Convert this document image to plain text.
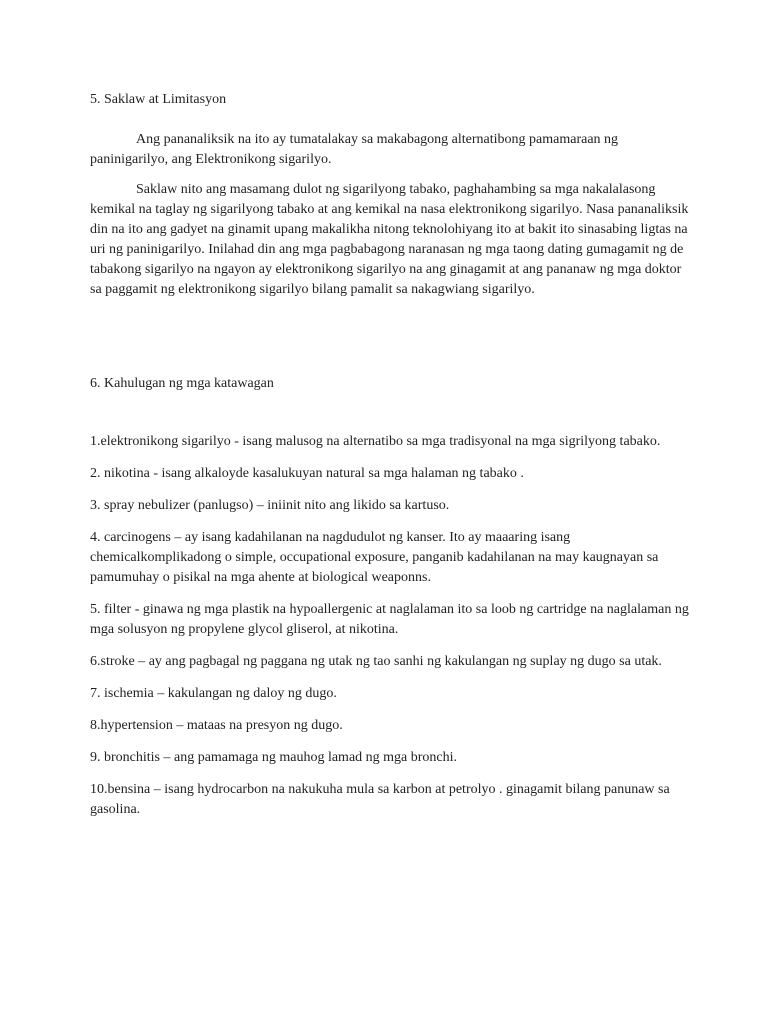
5. Saklaw at Limitasyon

Ang pananaliksik na ito ay tumatalakay sa makabagong alternatibong pamamaraan ng paninigarilyo, ang Elektronikong sigarilyo.

Saklaw nito ang masamang dulot ng sigarilyong tabako, paghahambing sa mga nakalalasong kemikal na taglay ng sigarilyong tabako at ang kemikal na nasa elektronikong sigarilyo. Nasa pananaliksik din na ito ang gadyet na ginamit upang makalikha nitong teknolohiyang ito at bakit ito sinasabing ligtas na uri ng paninigarilyo. Inilahad din ang mga pagbabagong naranasan ng mga taong dating gumagamit ng de tabakong sigarilyo na ngayon ay elektronikong sigarilyo na ang ginagamit at ang pananaw ng mga doktor sa paggamit ng elektronikong sigarilyo bilang pamalit sa nakagwiang sigarilyo.

6. Kahulugan ng mga katawagan

1.elektronikong sigarilyo - isang malusog na alternatibo sa mga tradisyonal na mga sigrilyong tabako.

2. nikotina - isang alkaloyde kasalukuyan natural sa mga halaman ng tabako .

3. spray nebulizer (panlugso) – iniinit nito ang likido sa kartuso.

4. carcinogens – ay isang kadahilanan na nagdudulot ng kanser. Ito ay maaaring isang chemicalkomplikadong o simple, occupational exposure, panganib kadahilanan na may kaugnayan sa pamumuhay o pisikal na mga ahente at biological weaponns.

5. filter - ginawa ng mga plastik na hypoallergenic at naglalaman ito sa loob ng cartridge na naglalaman ng mga solusyon ng propylene glycol gliserol, at nikotina.

6.stroke – ay ang pagbagal ng paggana ng utak ng tao sanhi ng kakulangan ng suplay ng dugo sa utak.

7. ischemia – kakulangan ng daloy ng dugo.

8.hypertension – mataas na presyon ng dugo.

9. bronchitis – ang pamamaga ng mauhog lamad ng mga bronchi.

10.bensina – isang hydrocarbon na nakukuha mula sa karbon at petrolyo . ginagamit bilang panunaw sa gasolina.
